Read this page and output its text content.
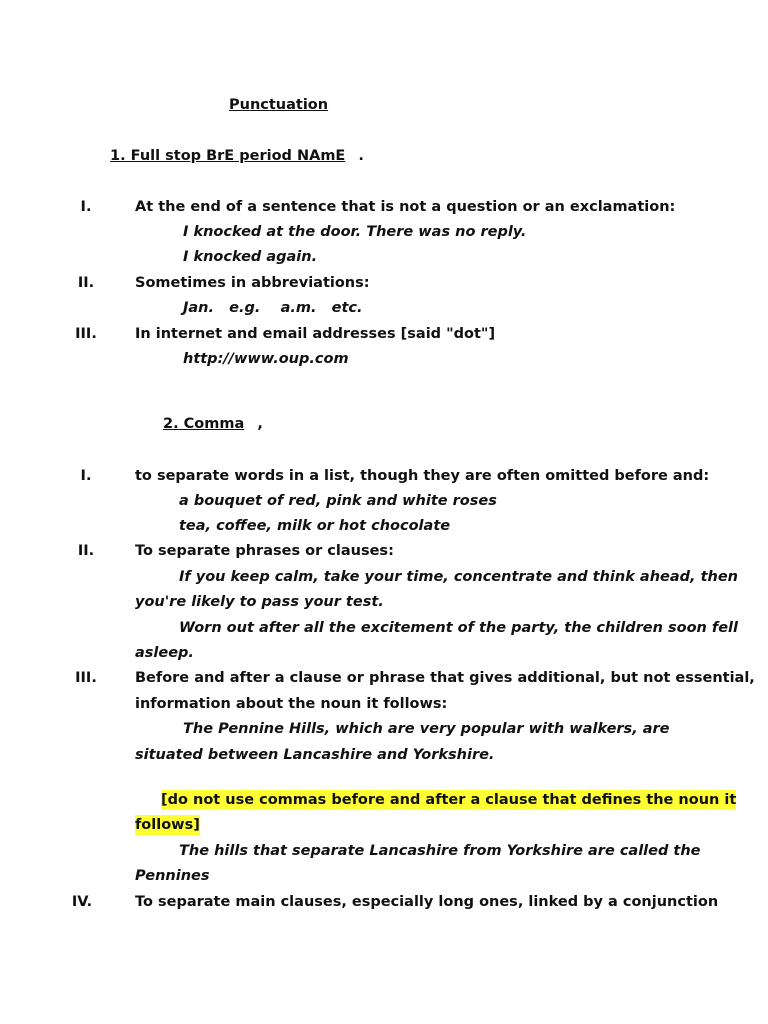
Punctuation
1. Full stop BrE period NAmE .
I.	At the end of a sentence that is not a question or an exclamation:
I knocked at the door. There was no reply.
I knocked again.
II.	Sometimes in abbreviations:
Jan.   e.g.    a.m.   etc.
III.	In internet and email addresses [said "dot"]
http://www.oup.com
2. Comma ,
I.	to separate words in a list, though they are often omitted before and:
a bouquet of red, pink and white roses
tea, coffee, milk or hot chocolate
II.	To separate phrases or clauses:
If you keep calm, take your time, concentrate and think ahead, then
you're likely to pass your test.
Worn out after all the excitement of the party, the children soon fell
asleep.
III.	Before and after a clause or phrase that gives additional, but not essential,
information about the noun it follows:
The Pennine Hills, which are very popular with walkers, are
situated between Lancashire and Yorkshire.
[do not use commas before and after a clause that defines the noun it
follows]
The hills that separate Lancashire from Yorkshire are called the
Pennines
IV.	To separate main clauses, especially long ones, linked by a conjunction
